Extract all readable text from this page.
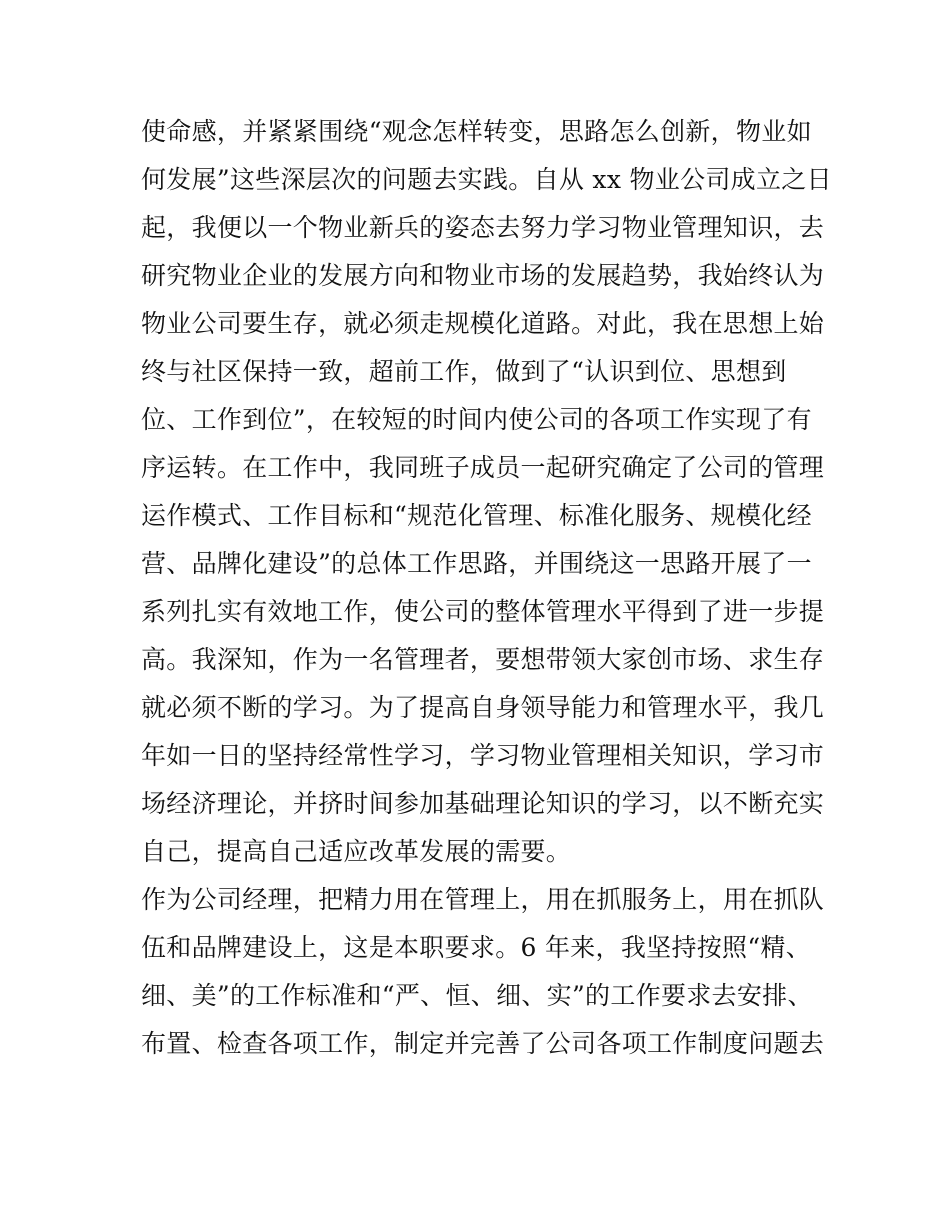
使命感，并紧紧围绕“观念怎样转变，思路怎么创新，物业如
何发展”这些深层次的问题去实践。自从 xx 物业公司成立之日
起，我便以一个物业新兵的姿态去努力学习物业管理知识，去
研究物业企业的发展方向和物业市场的发展趋势，我始终认为
物业公司要生存，就必须走规模化道路。对此，我在思想上始
终与社区保持一致，超前工作，做到了“认识到位、思想到
位、工作到位”，在较短的时间内使公司的各项工作实现了有
序运转。在工作中，我同班子成员一起研究确定了公司的管理
运作模式、工作目标和“规范化管理、标准化服务、规模化经
营、品牌化建设”的总体工作思路，并围绕这一思路开展了一
系列扎实有效地工作，使公司的整体管理水平得到了进一步提
高。我深知，作为一名管理者，要想带领大家创市场、求生存
就必须不断的学习。为了提高自身领导能力和管理水平，我几
年如一日的坚持经常性学习，学习物业管理相关知识，学习市
场经济理论，并挤时间参加基础理论知识的学习，以不断充实
自己，提高自己适应改革发展的需要。
作为公司经理，把精力用在管理上，用在抓服务上，用在抓队
伍和品牌建设上，这是本职要求。6 年来，我坚持按照“精、
细、美”的工作标准和“严、恒、细、实”的工作要求去安排、
布置、检查各项工作，制定并完善了公司各项工作制度问题去
